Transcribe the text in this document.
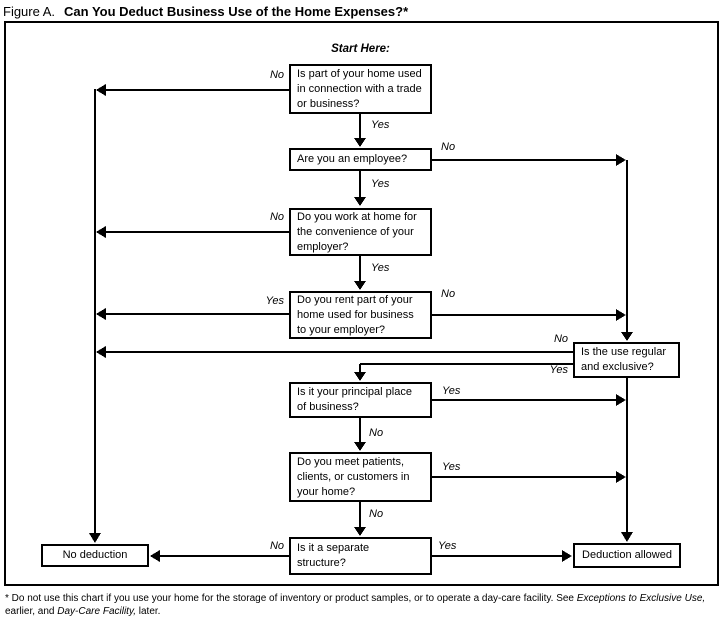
Figure A. Can You Deduct Business Use of the Home Expenses?*
Start Here:
Is part of your home used in connection with a trade or business?
Are you an employee?
Do you work at home for the convenience of your employer?
Do you rent part of your home used for business to your employer?
Is the use regular and exclusive?
Is it your principal place of business?
Do you meet patients, clients, or customers in your home?
Is it a separate structure?
No deduction	Deduction allowed
No
Yes
No
Yes
No
Yes
Yes
No
No
Yes
Yes
No
Yes
No
No	Yes
* Do not use this chart if you use your home for the storage of inventory or product samples, or to operate a day-care facility. See Exceptions to Exclusive Use, earlier, and Day-Care Facility, later.
